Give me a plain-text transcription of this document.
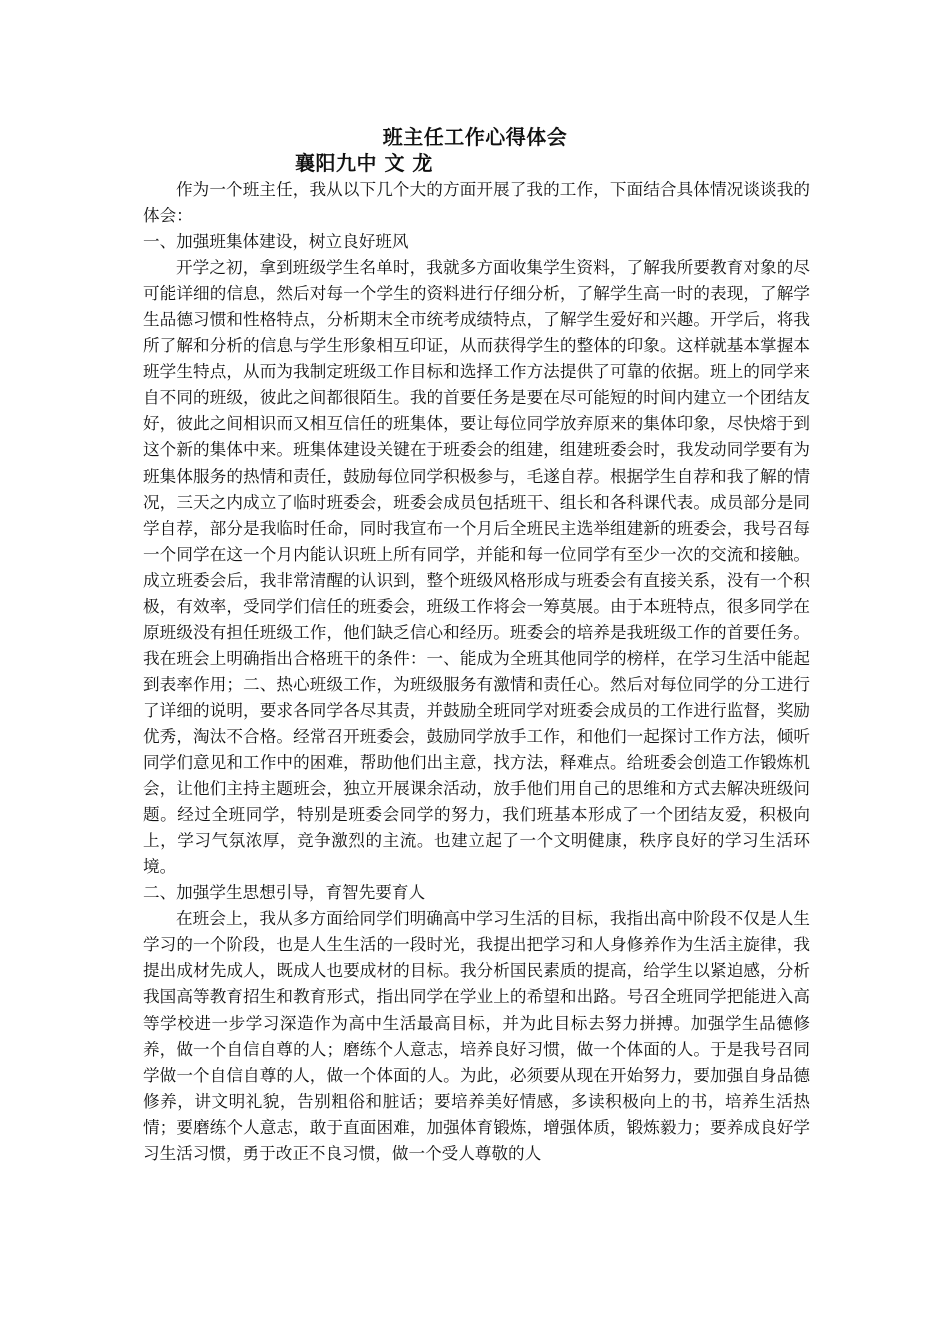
班主任工作心得体会
襄阳九中 文 龙

作为一个班主任，我从以下几个大的方面开展了我的工作，下面结合具体情况谈谈我的体会：

一、加强班集体建设，树立良好班风

开学之初，拿到班级学生名单时，我就多方面收集学生资料，了解我所要教育对象的尽可能详细的信息，然后对每一个学生的资料进行仔细分析，了解学生高一时的表现，了解学生品德习惯和性格特点，分析期末全市统考成绩特点，了解学生爱好和兴趣。开学后，将我所了解和分析的信息与学生形象相互印证，从而获得学生的整体的印象。这样就基本掌握本班学生特点，从而为我制定班级工作目标和选择工作方法提供了可靠的依据。班上的同学来自不同的班级，彼此之间都很陌生。我的首要任务是要在尽可能短的时间内建立一个团结友好，彼此之间相识而又相互信任的班集体，要让每位同学放弃原来的集体印象，尽快熔于到这个新的集体中来。班集体建设关键在于班委会的组建，组建班委会时，我发动同学要有为班集体服务的热情和责任，鼓励每位同学积极参与，毛遂自荐。根据学生自荐和我了解的情况，三天之内成立了临时班委会，班委会成员包括班干、组长和各科课代表。成员部分是同学自荐，部分是我临时任命，同时我宣布一个月后全班民主选举组建新的班委会，我号召每一个同学在这一个月内能认识班上所有同学，并能和每一位同学有至少一次的交流和接触。成立班委会后，我非常清醒的认识到，整个班级风格形成与班委会有直接关系，没有一个积极，有效率，受同学们信任的班委会，班级工作将会一筹莫展。由于本班特点，很多同学在原班级没有担任班级工作，他们缺乏信心和经历。班委会的培养是我班级工作的首要任务。我在班会上明确指出合格班干的条件：一、能成为全班其他同学的榜样，在学习生活中能起到表率作用；二、热心班级工作，为班级服务有激情和责任心。然后对每位同学的分工进行了详细的说明，要求各同学各尽其责，并鼓励全班同学对班委会成员的工作进行监督，奖励优秀，淘汰不合格。经常召开班委会，鼓励同学放手工作，和他们一起探讨工作方法，倾听同学们意见和工作中的困难，帮助他们出主意，找方法，释难点。给班委会创造工作锻炼机会，让他们主持主题班会，独立开展课余活动，放手他们用自己的思维和方式去解决班级问题。经过全班同学，特别是班委会同学的努力，我们班基本形成了一个团结友爱，积极向上，学习气氛浓厚，竞争激烈的主流。也建立起了一个文明健康，秩序良好的学习生活环境。

二、加强学生思想引导，育智先要育人

在班会上，我从多方面给同学们明确高中学习生活的目标，我指出高中阶段不仅是人生学习的一个阶段，也是人生生活的一段时光，我提出把学习和人身修养作为生活主旋律，我提出成材先成人，既成人也要成材的目标。我分析国民素质的提高，给学生以紧迫感，分析我国高等教育招生和教育形式，指出同学在学业上的希望和出路。号召全班同学把能进入高等学校进一步学习深造作为高中生活最高目标，并为此目标去努力拼搏。加强学生品德修养，做一个自信自尊的人；磨练个人意志，培养良好习惯，做一个体面的人。于是我号召同学做一个自信自尊的人，做一个体面的人。为此，必须要从现在开始努力，要加强自身品德修养，讲文明礼貌，告别粗俗和脏话；要培养美好情感，多读积极向上的书，培养生活热情；要磨练个人意志，敢于直面困难，加强体育锻炼，增强体质，锻炼毅力；要养成良好学习生活习惯，勇于改正不良习惯，做一个受人尊敬的人
